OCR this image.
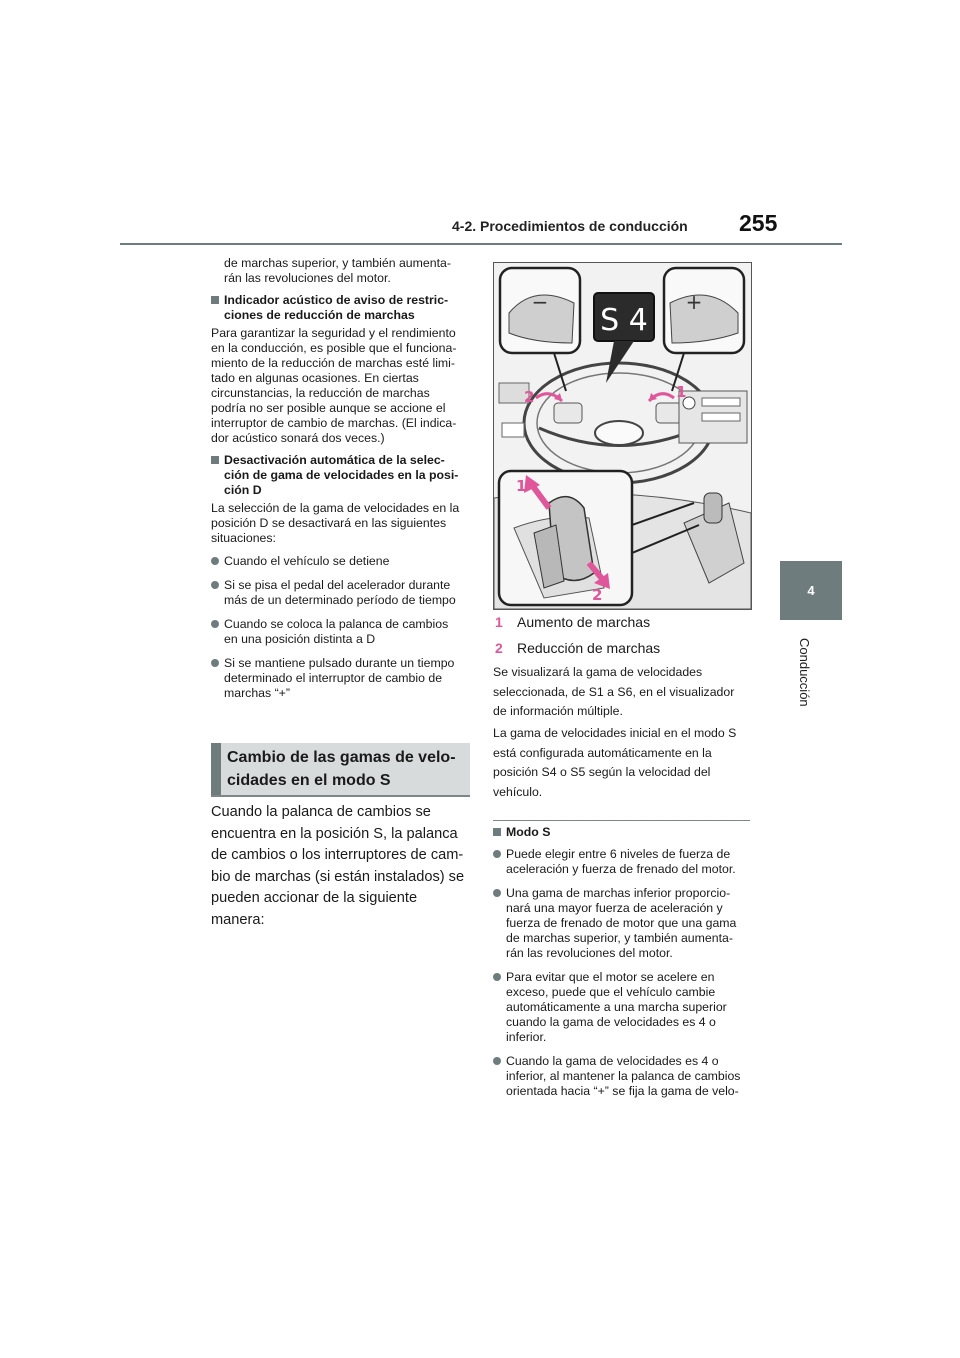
4-2. Procedimientos de conducción 255
4
Conducción

de marchas superior, y también aumenta-

rán las revoluciones del motor.

Indicador acústico de aviso de restric-
ciones de reducción de marchas

Para garantizar la seguridad y el rendimiento

en la conducción, es posible que el funciona-

miento de la reducción de marchas esté limi-

tado en algunas ocasiones. En ciertas

circunstancias, la reducción de marchas

podría no ser posible aunque se accione el

interruptor de cambio de marchas. (El indica-

dor acústico sonará dos veces.)

Desactivación automática de la selec-
ción de gama de velocidades en la posi-
ción D

La selección de la gama de velocidades en la

posición D se desactivará en las siguientes

situaciones:

Cuando el vehículo se detiene
Si se pisa el pedal del acelerador durante
más de un determinado período de tiempo
Cuando se coloca la palanca de cambios
en una posición distinta a D
Si se mantiene pulsado durante un tiempo
determinado el interruptor de cambio de
marchas “+”
Cambio de las gamas de velo-
cidades en el modo S

Cuando la palanca de cambios se

encuentra en la posición S, la palanca

de cambios o los interruptores de cam-

bio de marchas (si están instalados) se

pueden accionar de la siguiente

manera:

−	+
S 4
2	1
1
2
1 Aumento de marchas
2 Reducción de marchas

Se visualizará la gama de velocidades

seleccionada, de S1 a S6, en el visualizador

de información múltiple.

La gama de velocidades inicial en el modo S

está configurada automáticamente en la

posición S4 o S5 según la velocidad del

vehículo.

Modo S
Puede elegir entre 6 niveles de fuerza de
aceleración y fuerza de frenado del motor.
Una gama de marchas inferior proporcio-
nará una mayor fuerza de aceleración y
fuerza de frenado de motor que una gama
de marchas superior, y también aumenta-
rán las revoluciones del motor.
Para evitar que el motor se acelere en
exceso, puede que el vehículo cambie
automáticamente a una marcha superior
cuando la gama de velocidades es 4 o
inferior.
Cuando la gama de velocidades es 4 o
inferior, al mantener la palanca de cambios
orientada hacia “+” se fija la gama de velo-
